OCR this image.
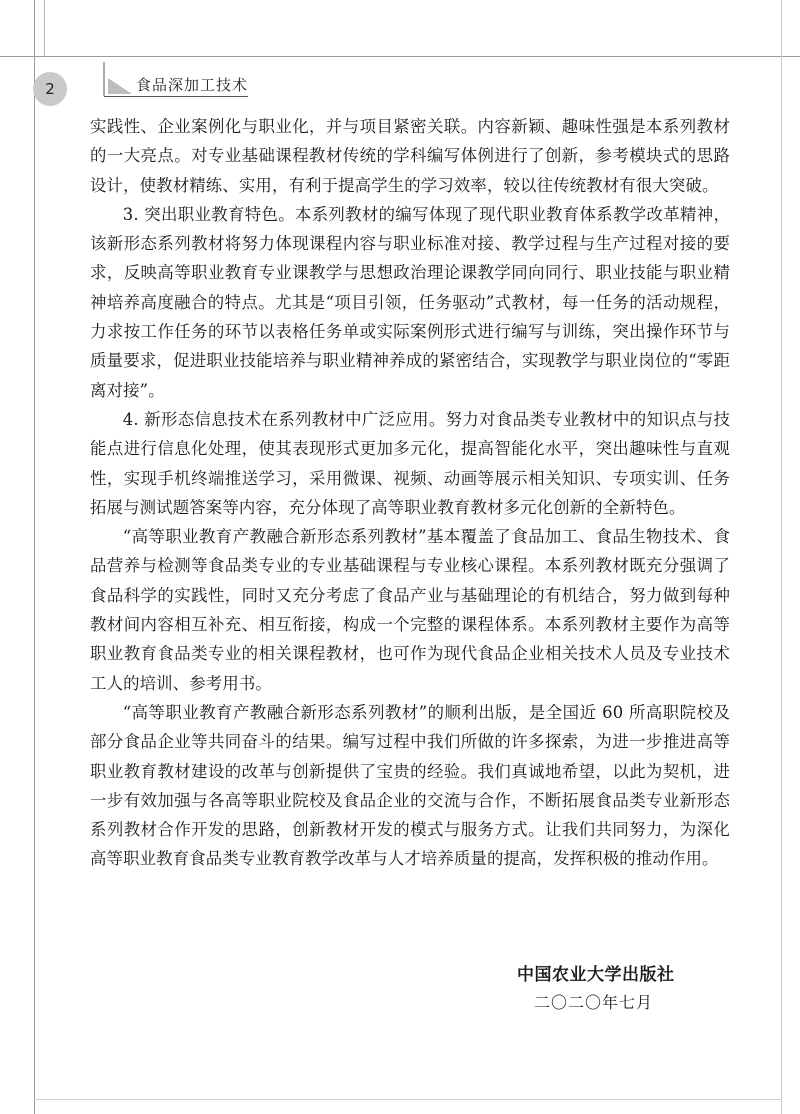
2	食品深加工技术

实践性、企业案例化与职业化，并与项目紧密关联。内容新颖、趣味性强是本系列教材的一大亮点。对专业基础课程教材传统的学科编写体例进行了创新，参考模块式的思路设计，使教材精练、实用，有利于提高学生的学习效率，较以往传统教材有很大突破。

3. 突出职业教育特色。本系列教材的编写体现了现代职业教育体系教学改革精神，该新形态系列教材将努力体现课程内容与职业标准对接、教学过程与生产过程对接的要求，反映高等职业教育专业课教学与思想政治理论课教学同向同行、职业技能与职业精神培养高度融合的特点。尤其是“项目引领，任务驱动”式教材，每一任务的活动规程，力求按工作任务的环节以表格任务单或实际案例形式进行编写与训练，突出操作环节与质量要求，促进职业技能培养与职业精神养成的紧密结合，实现教学与职业岗位的“零距离对接”。

4. 新形态信息技术在系列教材中广泛应用。努力对食品类专业教材中的知识点与技能点进行信息化处理，使其表现形式更加多元化，提高智能化水平，突出趣味性与直观性，实现手机终端推送学习，采用微课、视频、动画等展示相关知识、专项实训、任务拓展与测试题答案等内容，充分体现了高等职业教育教材多元化创新的全新特色。

“高等职业教育产教融合新形态系列教材”基本覆盖了食品加工、食品生物技术、食品营养与检测等食品类专业的专业基础课程与专业核心课程。本系列教材既充分强调了食品科学的实践性，同时又充分考虑了食品产业与基础理论的有机结合，努力做到每种教材间内容相互补充、相互衔接，构成一个完整的课程体系。本系列教材主要作为高等职业教育食品类专业的相关课程教材，也可作为现代食品企业相关技术人员及专业技术工人的培训、参考用书。

“高等职业教育产教融合新形态系列教材”的顺利出版，是全国近 60 所高职院校及部分食品企业等共同奋斗的结果。编写过程中我们所做的许多探索，为进一步推进高等职业教育教材建设的改革与创新提供了宝贵的经验。我们真诚地希望，以此为契机，进一步有效加强与各高等职业院校及食品企业的交流与合作，不断拓展食品类专业新形态系列教材合作开发的思路，创新教材开发的模式与服务方式。让我们共同努力，为深化高等职业教育食品类专业教育教学改革与人才培养质量的提高，发挥积极的推动作用。

中国农业大学出版社
二〇二〇年七月
